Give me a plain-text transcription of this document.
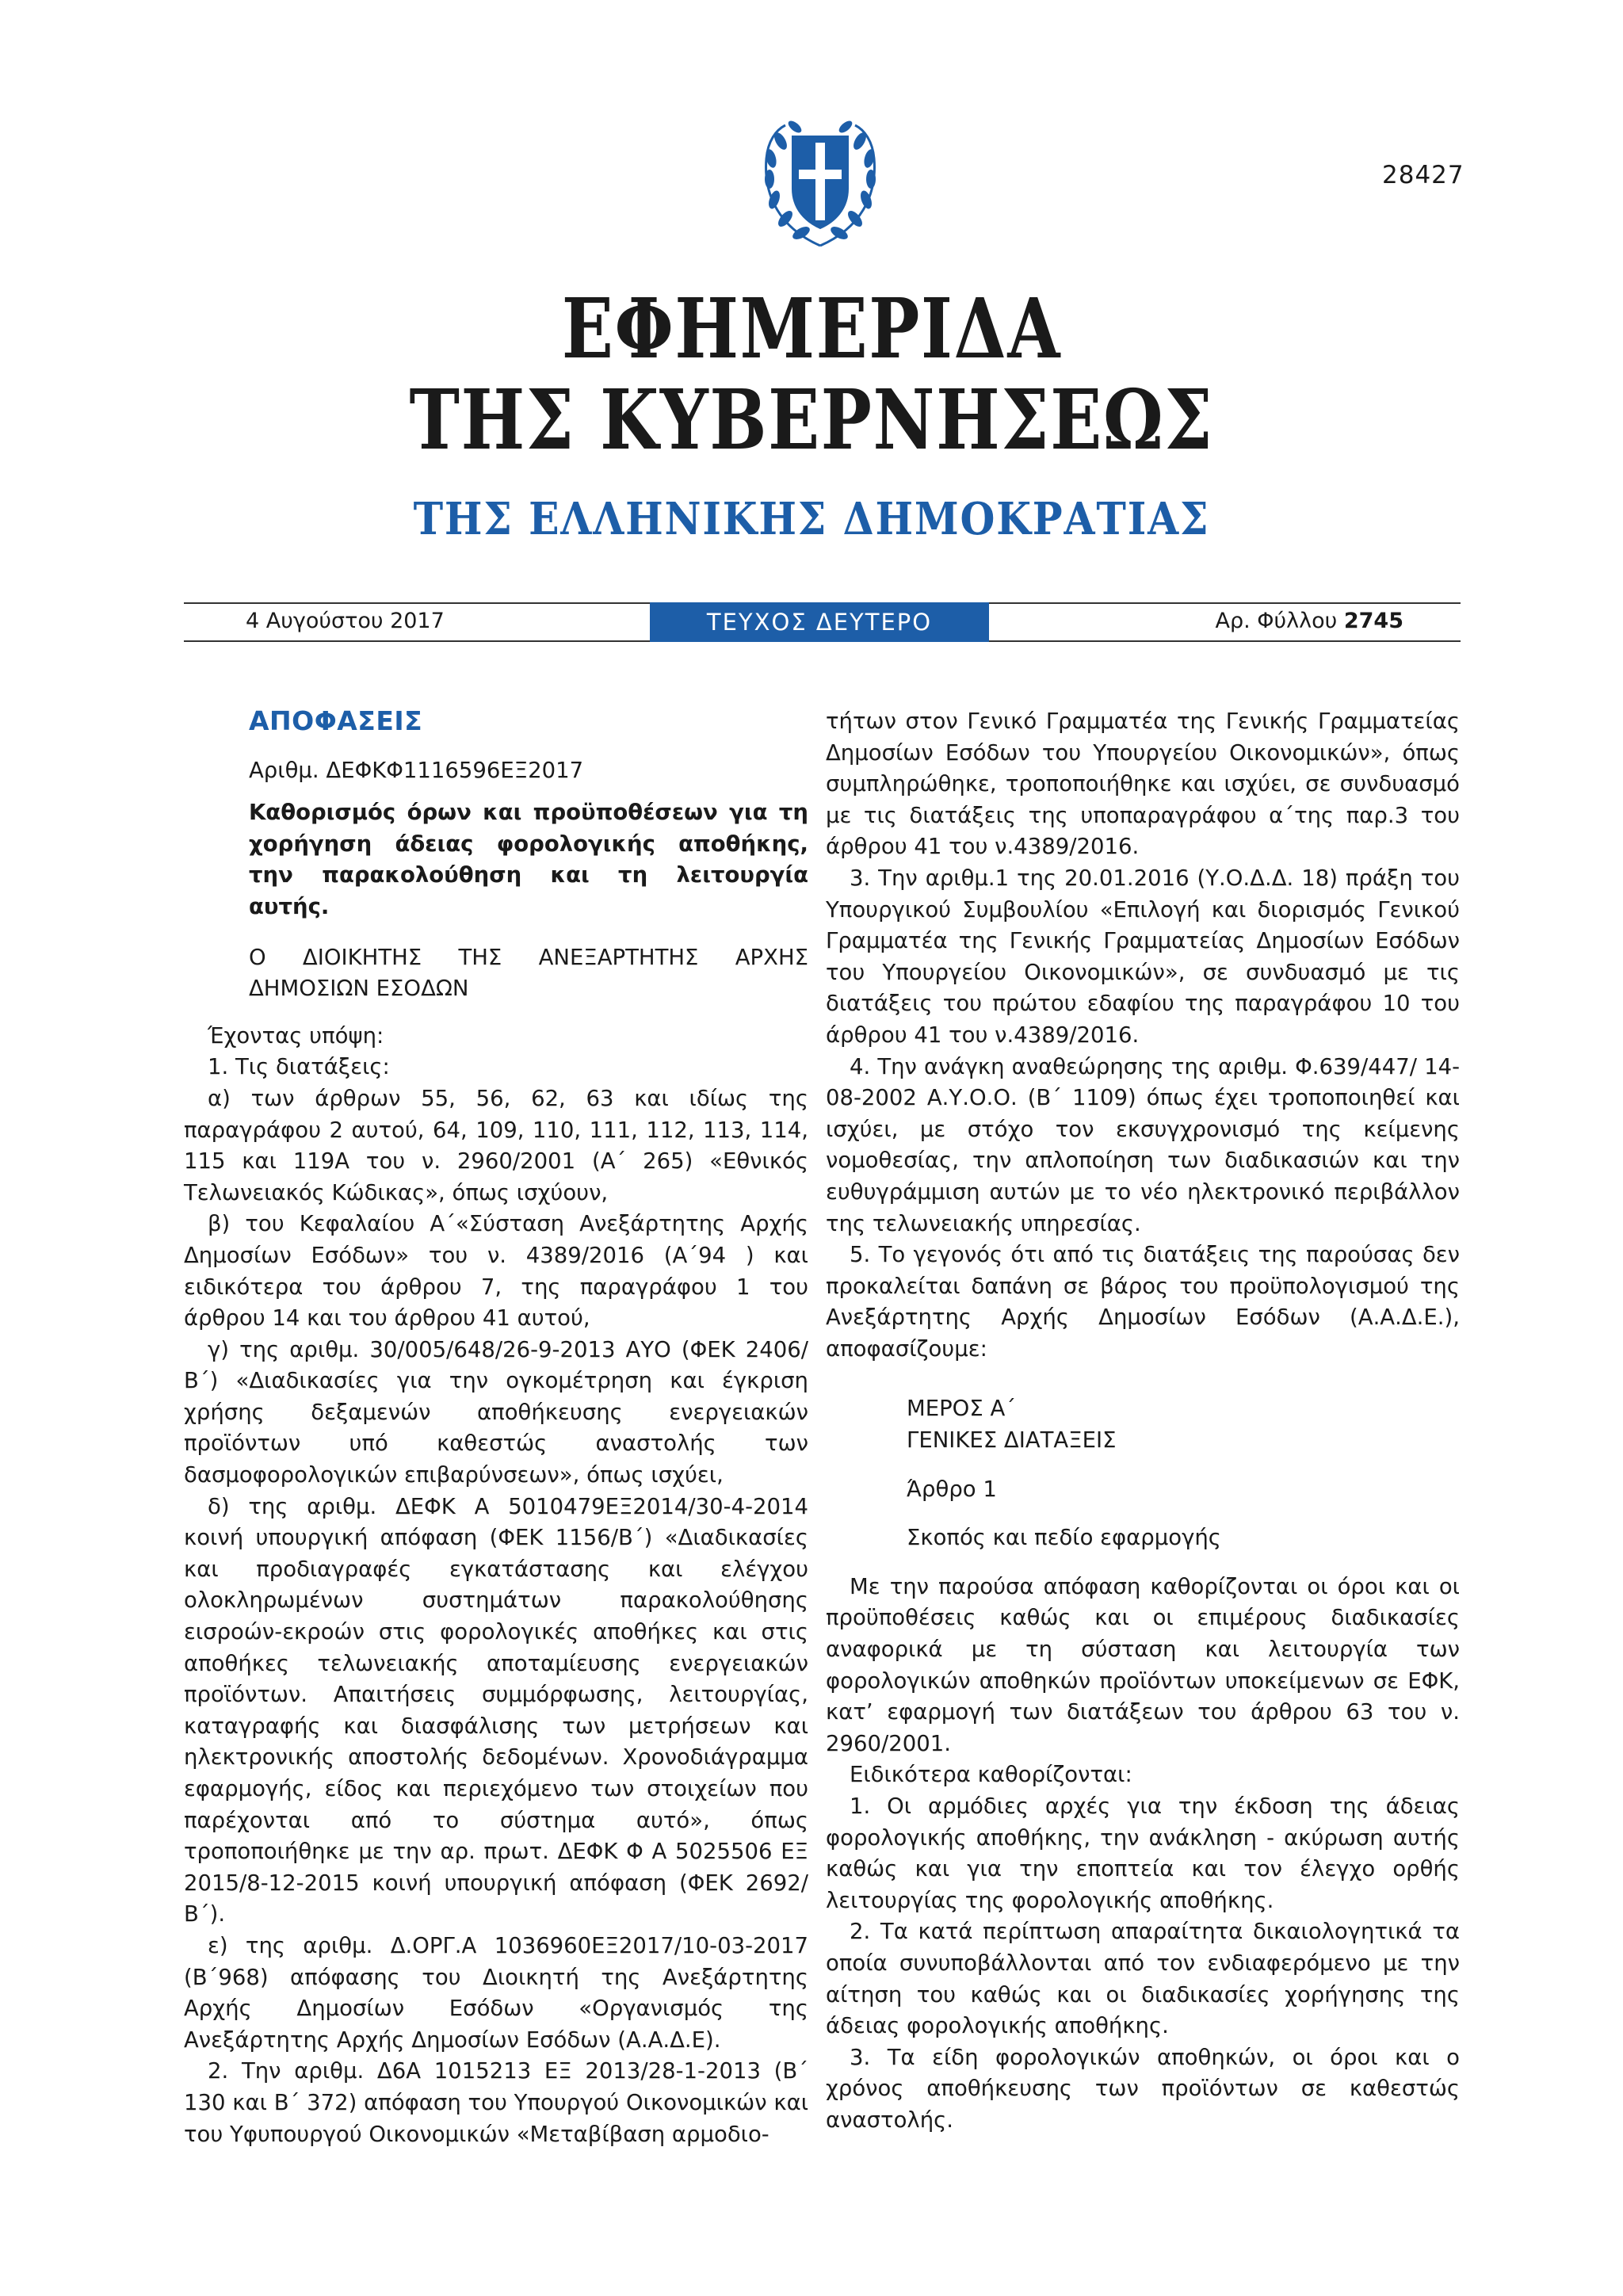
28427
ΕΦΗΜΕΡΙΔΑ
ΤΗΣ ΚΥΒΕΡΝΗΣΕΩΣ
ΤΗΣ ΕΛΛΗΝΙΚΗΣ ΔΗΜΟΚΡΑΤΙΑΣ
4 Αυγούστου 2017	ΤΕΥΧΟΣ ΔΕΥΤΕΡΟ	Αρ. Φύλλου 2745

ΑΠΟΦΑΣΕΙΣ

Αριθμ. ΔΕΦΚΦ1116596ΕΞ2017

Καθορισμός όρων και προϋποθέσεων για τη χορήγηση άδειας φορολογικής αποθήκης, την παρακολούθηση και τη λειτουργία αυτής.

Ο ΔΙΟΙΚΗΤΗΣ ΤΗΣ ΑΝΕΞΑΡΤΗΤΗΣ ΑΡΧΗΣ ΔΗΜΟΣΙΩΝ ΕΣΟΔΩΝ

Έχοντας υπόψη:

1. Τις διατάξεις:

α) των άρθρων 55, 56, 62, 63 και ιδίως της παραγράφου 2 αυτού, 64, 109, 110, 111, 112, 113, 114, 115 και 119Α του ν. 2960/2001 (Α΄ 265) «Εθνικός Τελωνειακός Κώδικας», όπως ισχύουν,

β) του Κεφαλαίου Α΄«Σύσταση Ανεξάρτητης Αρχής Δημοσίων Εσόδων» του ν. 4389/2016 (Α΄94 ) και ειδικότερα του άρθρου 7, της παραγράφου 1 του άρθρου 14 και του άρθρου 41 αυτού,

γ) της αριθμ. 30/005/648/26-9-2013 ΑΥΟ (ΦΕΚ 2406/Β΄) «Διαδικασίες για την ογκομέτρηση και έγκριση χρήσης δεξαμενών αποθήκευσης ενεργειακών προϊόντων υπό καθεστώς αναστολής των δασμοφορολογικών επιβαρύνσεων», όπως ισχύει,

δ) της αριθμ. ΔΕΦΚ Α 5010479ΕΞ2014/30-4-2014 κοινή υπουργική απόφαση (ΦΕΚ 1156/Β΄) «Διαδικασίες και προδιαγραφές εγκατάστασης και ελέγχου ολοκληρωμένων συστημάτων παρακολούθησης εισροών-εκροών στις φορολογικές αποθήκες και στις αποθήκες τελωνειακής αποταμίευσης ενεργειακών προϊόντων. Απαιτήσεις συμμόρφωσης, λειτουργίας, καταγραφής και διασφάλισης των μετρήσεων και ηλεκτρονικής αποστολής δεδομένων. Χρονοδιάγραμμα εφαρμογής, είδος και περιεχόμενο των στοιχείων που παρέχονται από το σύστημα αυτό», όπως τροποποιήθηκε με την αρ. πρωτ. ΔΕΦΚ Φ Α 5025506 ΕΞ 2015/8-12-2015 κοινή υπουργική απόφαση (ΦΕΚ 2692/Β΄).

ε) της αριθμ. Δ.ΟΡΓ.Α 1036960ΕΞ2017/10-03-2017 (Β΄968) απόφασης του Διοικητή της Ανεξάρτητης Αρχής Δημοσίων Εσόδων «Οργανισμός της Ανεξάρτητης Αρχής Δημοσίων Εσόδων (Α.Α.Δ.Ε).

2. Την αριθμ. Δ6Α 1015213 ΕΞ 2013/28-1-2013 (Β΄ 130 και Β΄ 372) απόφαση του Υπουργού Οικονομικών και του Υφυπουργού Οικονομικών «Μεταβίβαση αρμοδιο-

τήτων στον Γενικό Γραμματέα της Γενικής Γραμματείας Δημοσίων Εσόδων του Υπουργείου Οικονομικών», όπως συμπληρώθηκε, τροποποιήθηκε και ισχύει, σε συνδυασμό με τις διατάξεις της υποπαραγράφου α΄της παρ.3 του άρθρου 41 του ν.4389/2016.

3. Την αριθμ.1 της 20.01.2016 (Υ.Ο.Δ.Δ. 18) πράξη του Υπουργικού Συμβουλίου «Επιλογή και διορισμός Γενικού Γραμματέα της Γενικής Γραμματείας Δημοσίων Εσόδων του Υπουργείου Οικονομικών», σε συνδυασμό με τις διατάξεις του πρώτου εδαφίου της παραγράφου 10 του άρθρου 41 του ν.4389/2016.

4. Την ανάγκη αναθεώρησης της αριθμ. Φ.639/447/ 14-08-2002 Α.Υ.Ο.Ο. (Β΄ 1109) όπως έχει τροποποιηθεί και ισχύει, με στόχο τον εκσυγχρονισμό της κείμενης νομοθεσίας, την απλοποίηση των διαδικασιών και την ευθυγράμμιση αυτών με το νέο ηλεκτρονικό περιβάλλον της τελωνειακής υπηρεσίας.

5. Το γεγονός ότι από τις διατάξεις της παρούσας δεν προκαλείται δαπάνη σε βάρος του προϋπολογισμού της Ανεξάρτητης Αρχής Δημοσίων Εσόδων (Α.Α.Δ.Ε.), αποφασίζουμε:

ΜΕΡΟΣ Α΄

ΓΕΝΙΚΕΣ ΔΙΑΤΑΞΕΙΣ

Άρθρο 1

Σκοπός και πεδίο εφαρμογής

Με την παρούσα απόφαση καθορίζονται οι όροι και οι προϋποθέσεις καθώς και οι επιμέρους διαδικασίες αναφορικά με τη σύσταση και λειτουργία των φορολογικών αποθηκών προϊόντων υποκείμενων σε ΕΦΚ, κατ’ εφαρμογή των διατάξεων του άρθρου 63 του ν. 2960/2001.

Ειδικότερα καθορίζονται:

1. Οι αρμόδιες αρχές για την έκδοση της άδειας φορολογικής αποθήκης, την ανάκληση - ακύρωση αυτής καθώς και για την εποπτεία και τον έλεγχο ορθής λειτουργίας της φορολογικής αποθήκης.

2. Τα κατά περίπτωση απαραίτητα δικαιολογητικά τα οποία συνυποβάλλονται από τον ενδιαφερόμενο με την αίτηση του καθώς και οι διαδικασίες χορήγησης της άδειας φορολογικής αποθήκης.

3. Τα είδη φορολογικών αποθηκών, οι όροι και ο χρόνος αποθήκευσης των προϊόντων σε καθεστώς αναστολής.
